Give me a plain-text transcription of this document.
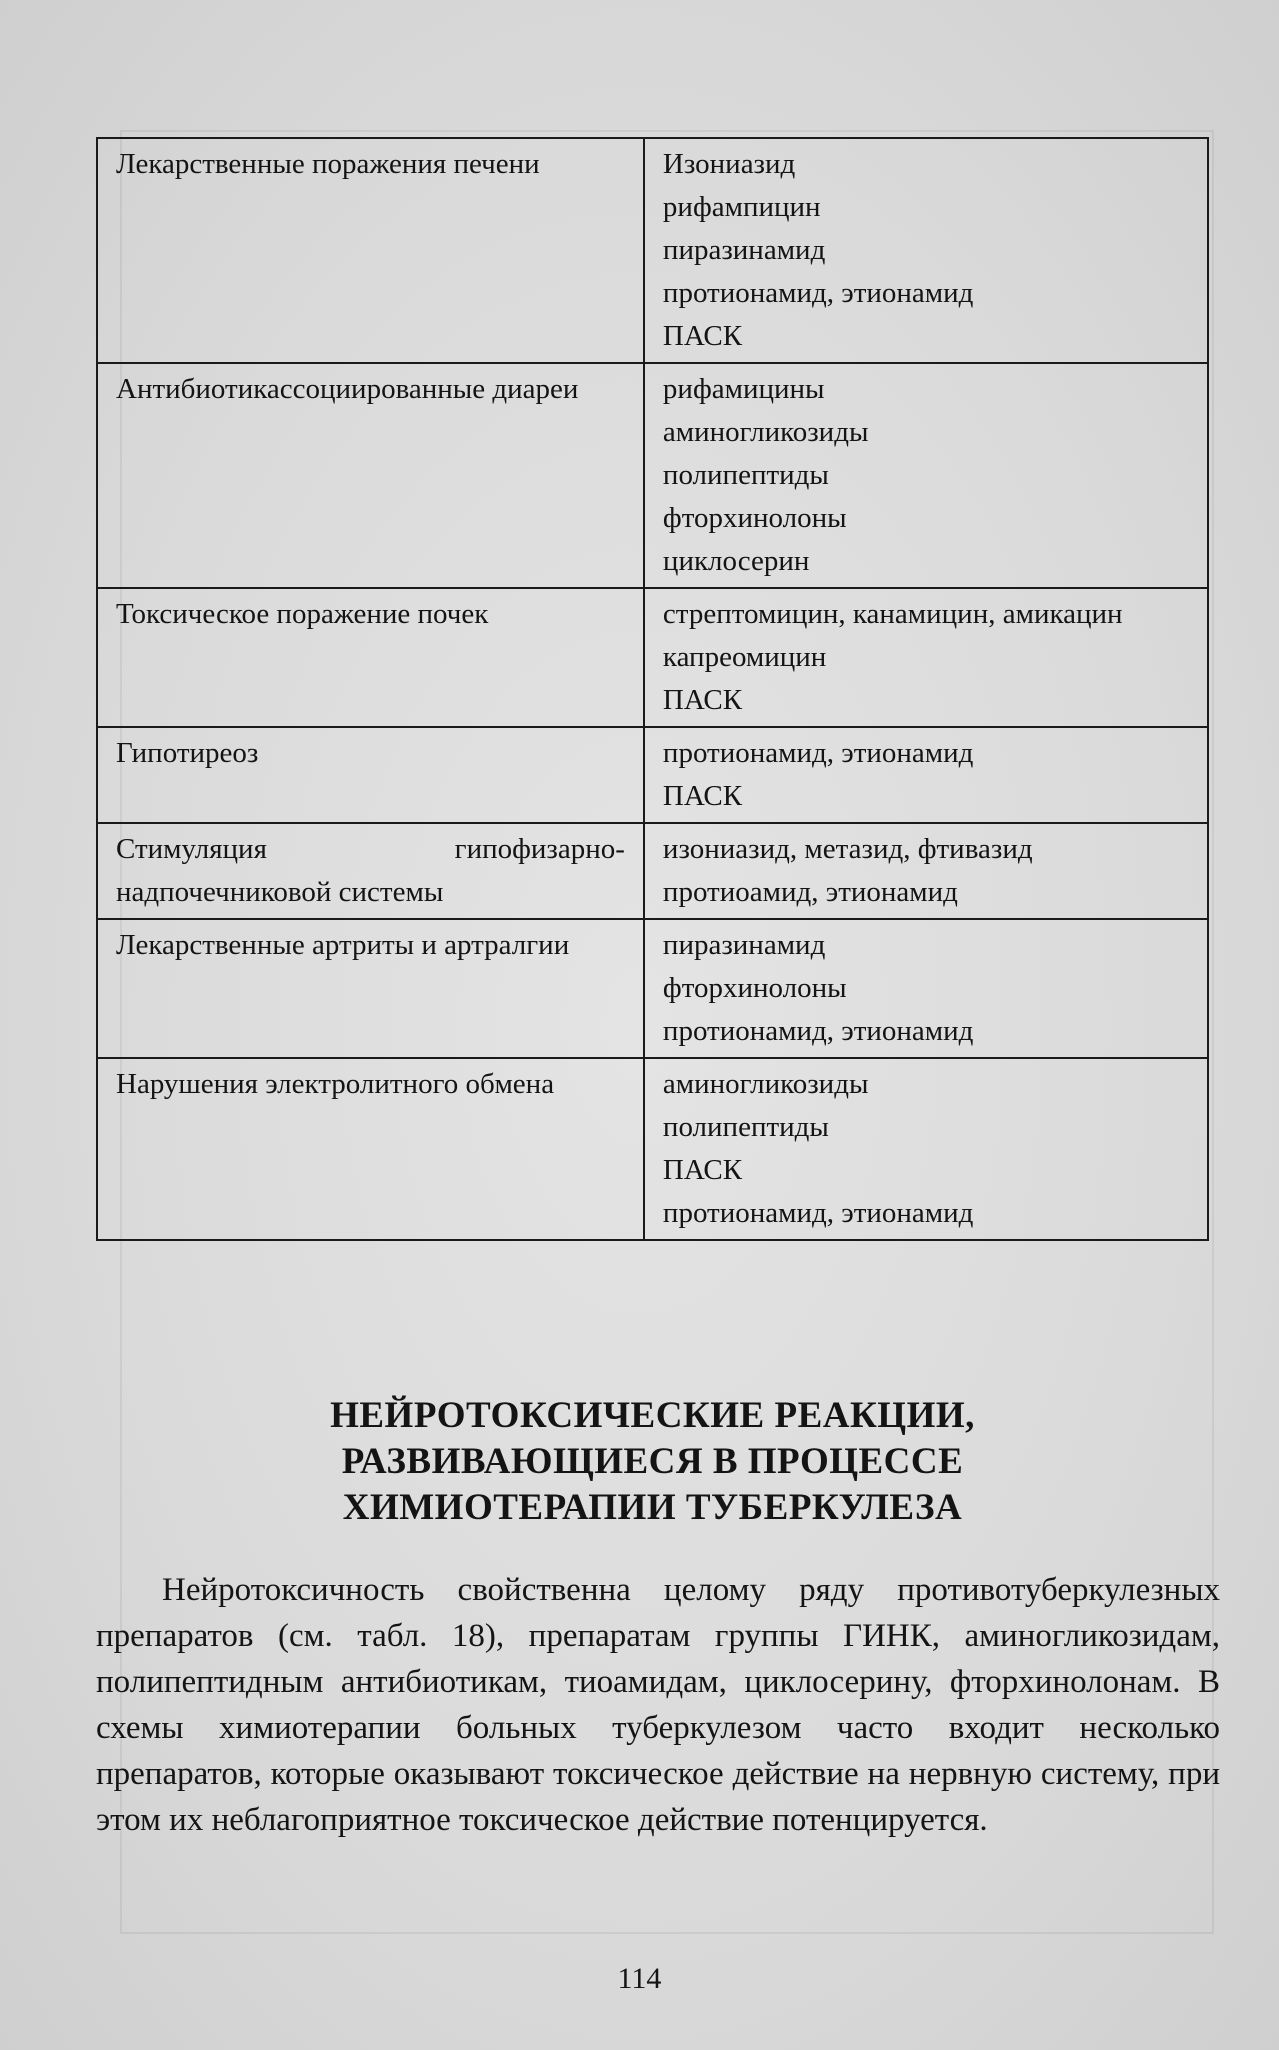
Лекарственные поражения печени	Изониазид
рифампицин
пиразинамид
протионамид, этионамид
ПАСК

Антибиотикассоциированные диареи	рифамицины
аминогликозиды
полипептиды
фторхинолоны
циклосерин

Токсическое поражение почек	стрептомицин, канамицин, амикацин
капреомицин
ПАСК

Гипотиреоз	протионамид, этионамид
ПАСК

Стимуляция гипофизарно-надпочечниковой системы	изониазид, метазид, фтивазид
протиоамид, этионамид

Лекарственные артриты и артралгии	пиразинамид
фторхинолоны
протионамид, этионамид

Нарушения электролитного обмена	аминогликозиды
полипептиды
ПАСК
протионамид, этионамид
НЕЙРОТОКСИЧЕСКИЕ РЕАКЦИИ,
РАЗВИВАЮЩИЕСЯ В ПРОЦЕССЕ
ХИМИОТЕРАПИИ ТУБЕРКУЛЕЗА

Нейротоксичность свойственна целому ряду противотуберкулезных препаратов (см. табл. 18), препаратам группы ГИНК, аминогликозидам, полипептидным антибиотикам, тиоамидам, циклосерину, фторхинолонам. В схемы химиотерапии больных туберкулезом часто входит несколько препаратов, которые оказывают токсическое действие на нервную систему, при этом их неблагоприятное токсическое действие потенцируется.

114
